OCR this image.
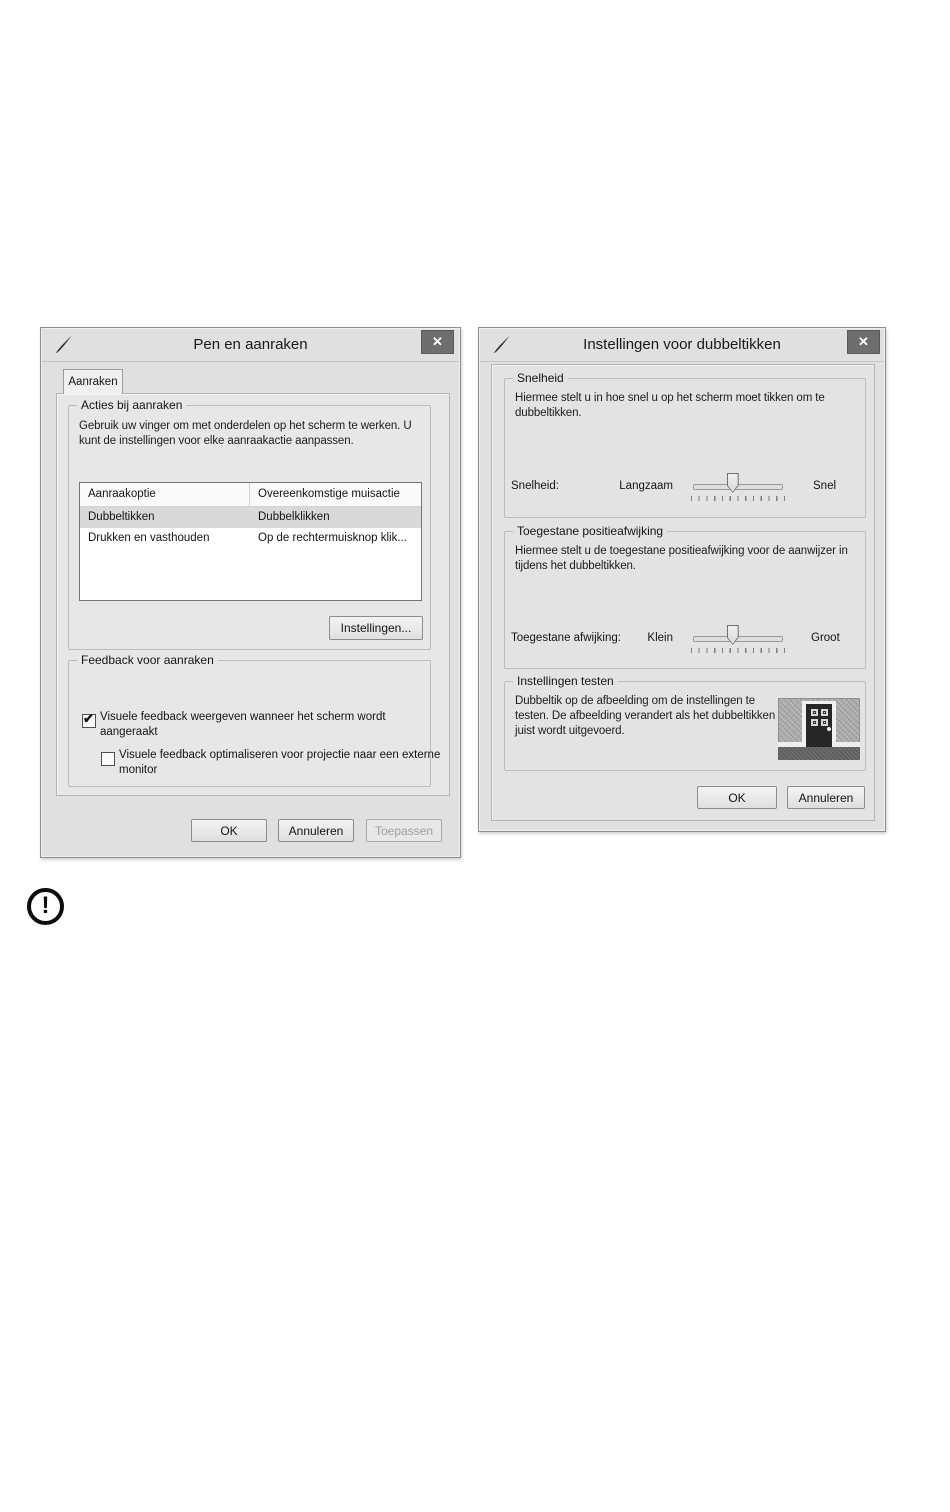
Pen en aanraken	✕
Aanraken
Acties bij aanraken
Gebruik uw vinger om met onderdelen op het scherm te werken. U kunt de instellingen voor elke aanraakactie aanpassen.
Aanraakoptie	Overeenkomstige muisactie
Dubbeltikken	Dubbelklikken
Drukken en vasthouden	Op de rechtermuisknop klik...
Instellingen...
Feedback voor aanraken
✔ Visuele feedback weergeven wanneer het scherm wordt aangeraakt
Visuele feedback optimaliseren voor projectie naar een externe monitor
OK	Annuleren	Toepassen
Instellingen voor dubbeltikken	✕
Snelheid
Hiermee stelt u in hoe snel u op het scherm moet tikken om te dubbeltikken.
Snelheid:	Langzaam	Snel
Toegestane positieafwijking
Hiermee stelt u de toegestane positieafwijking voor de aanwijzer in tijdens het dubbeltikken.
Toegestane afwijking:	Klein	Groot
Instellingen testen
Dubbeltik op de afbeelding om de instellingen te testen. De afbeelding verandert als het dubbeltikken juist wordt uitgevoerd.
OK	Annuleren
!
